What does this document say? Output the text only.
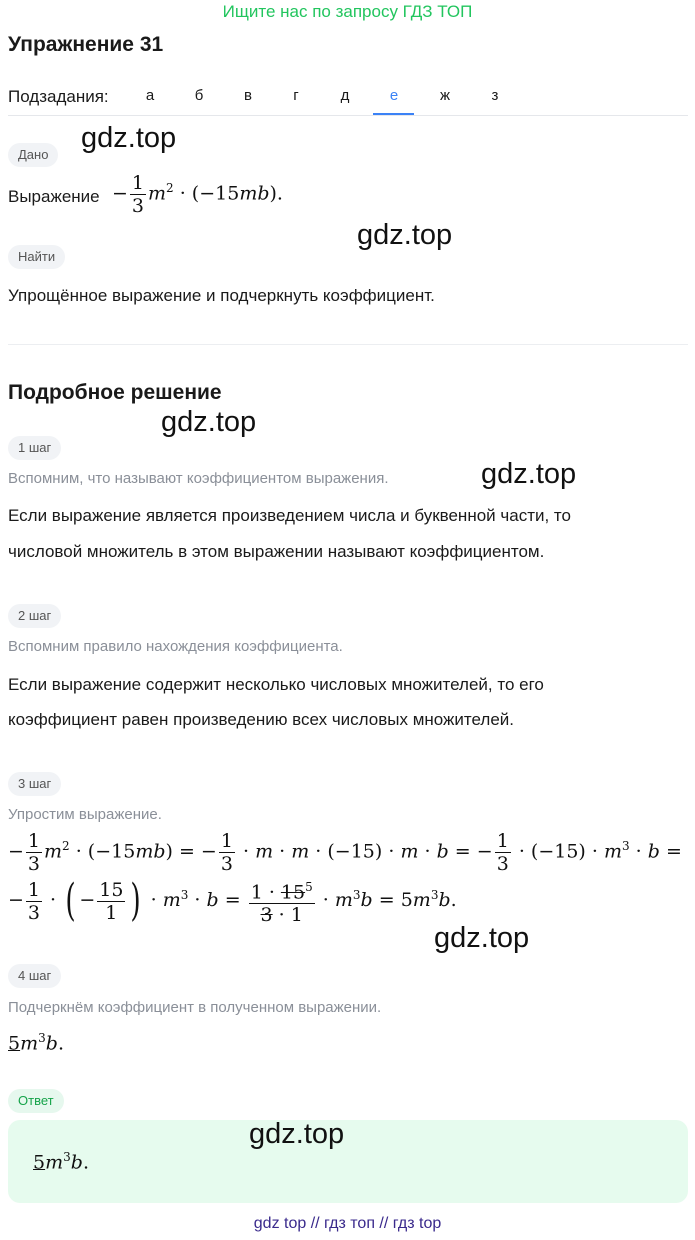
Ищите нас по запросу ГДЗ ТОП
Упражнение 31
Подзадания:	а	б	в	г	д	е	ж	з
Дано
gdz.top
Выражение − $\frac{1}{3} m^2 \cdot (-15mb)$.
gdz.top
Найти
Упрощённое выражение и подчеркнуть коэффициент.
Подробное решение
gdz.top
1 шаг
gdz.top
Вспомним, что называют коэффициентом выражения.
Если выражение является произведением числа и буквенной части, то
числовой множитель в этом выражении называют коэффициентом.
2 шаг
Вспомним правило нахождения коэффициента.
Если выражение содержит несколько числовых множителей, то его
коэффициент равен произведению всех числовых множителей.
3 шаг
Упростим выражение.
− $\frac{1}{3} m^2 \cdot (-15mb)$ = − $\frac{1}{3} \cdot m \cdot m \cdot (-15) \cdot m \cdot b$ = − $\frac{1}{3} \cdot (-15) \cdot m^3 \cdot b$ =
− $\frac{1}{3}$ · ( − $\frac{15}{1}$ ) · $m^3 \cdot b = \frac{1 \cdot 15^5}{3 \cdot 1} \cdot m^3b = 5m^3b$.
gdz.top
4 шаг
Подчеркнём коэффициент в полученном выражении.
$5m^3b$.
Ответ
gdz.top
$5m^3b$.
gdz top // гдз топ // гдз top
